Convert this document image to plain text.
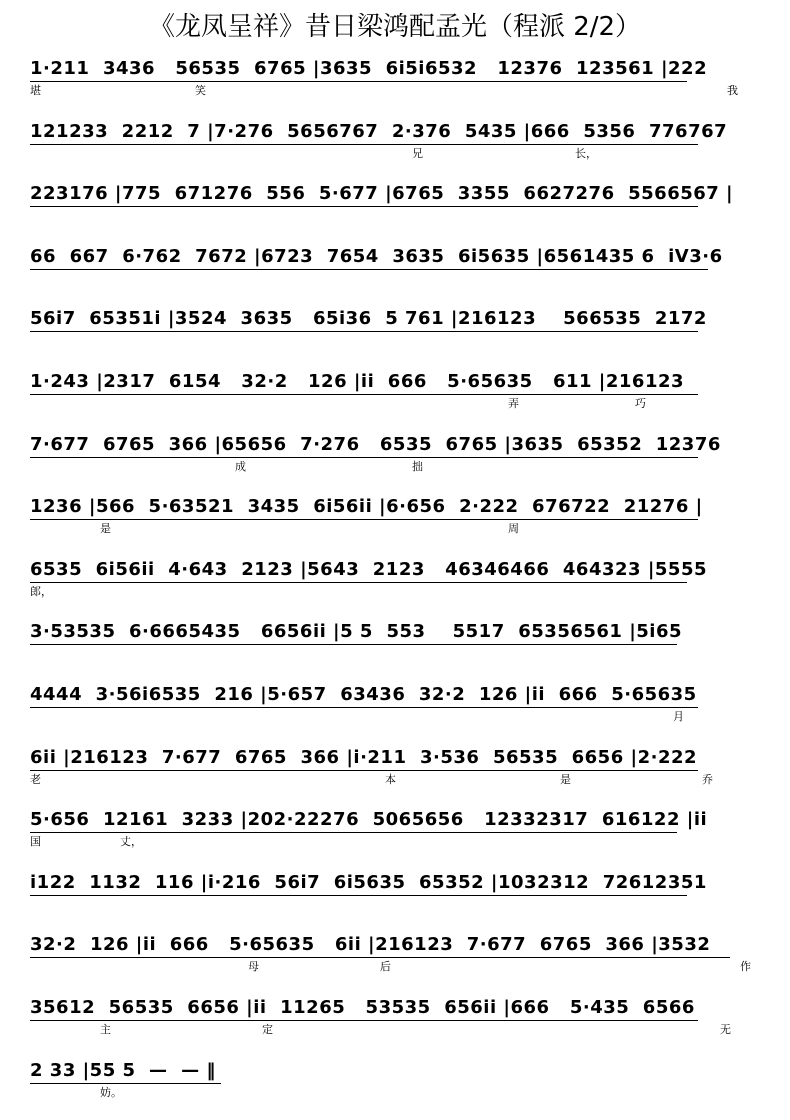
《龙凤呈祥》昔日梁鸿配孟光（程派 2/2）
1·211  3436   56535  6765 |3635  6i5i6532   12376  123561 |222
堪	笑	我
121233  2212  7 |7·276  5656767  2·376  5435 |666  5356  776767
兄	长，
223176 |775  671276  556  5·677 |6765  3355  6627276  5566567 |
66  667  6·762  7672 |6723  7654  3635  6i5635 |6561435 6  iV3·6
56i7  65351i |3524  3635   65i36  5 761 |216123    566535  2172
1·243 |2317  6154   32·2   126 |ii  666   5·65635   611 |216123
弄	巧
7·677  6765  366 |65656  7·276   6535  6765 |3635  65352  12376
成	拙
1236 |566  5·63521  3435  6i56ii |6·656  2·222  676722  21276 |
是	周
6535  6i56ii  4·643  2123 |5643  2123   46346466  464323 |5555
郎，
3·53535  6·6665435   6656ii |5 5  553    5517  65356561 |5i65
4444  3·56i6535  216 |5·657  63436  32·2  126 |ii  666  5·65635
月
6ii |216123  7·677  6765  366 |i·211  3·536  56535  6656 |2·222
老	本	是	乔
5·656  12161  3233 |202·22276  5065656   12332317  616122 |ii
国	丈，
i122  1132  116 |i·216  56i7  6i5635  65352 |1032312  72612351
32·2  126 |ii  666   5·65635   6ii |216123  7·677  6765  366 |3532
母	后	作
35612  56535  6656 |ii  11265   53535  656ii |666   5·435  6566
主	定	无
2 33 |55 5  —  — ‖
妨。
